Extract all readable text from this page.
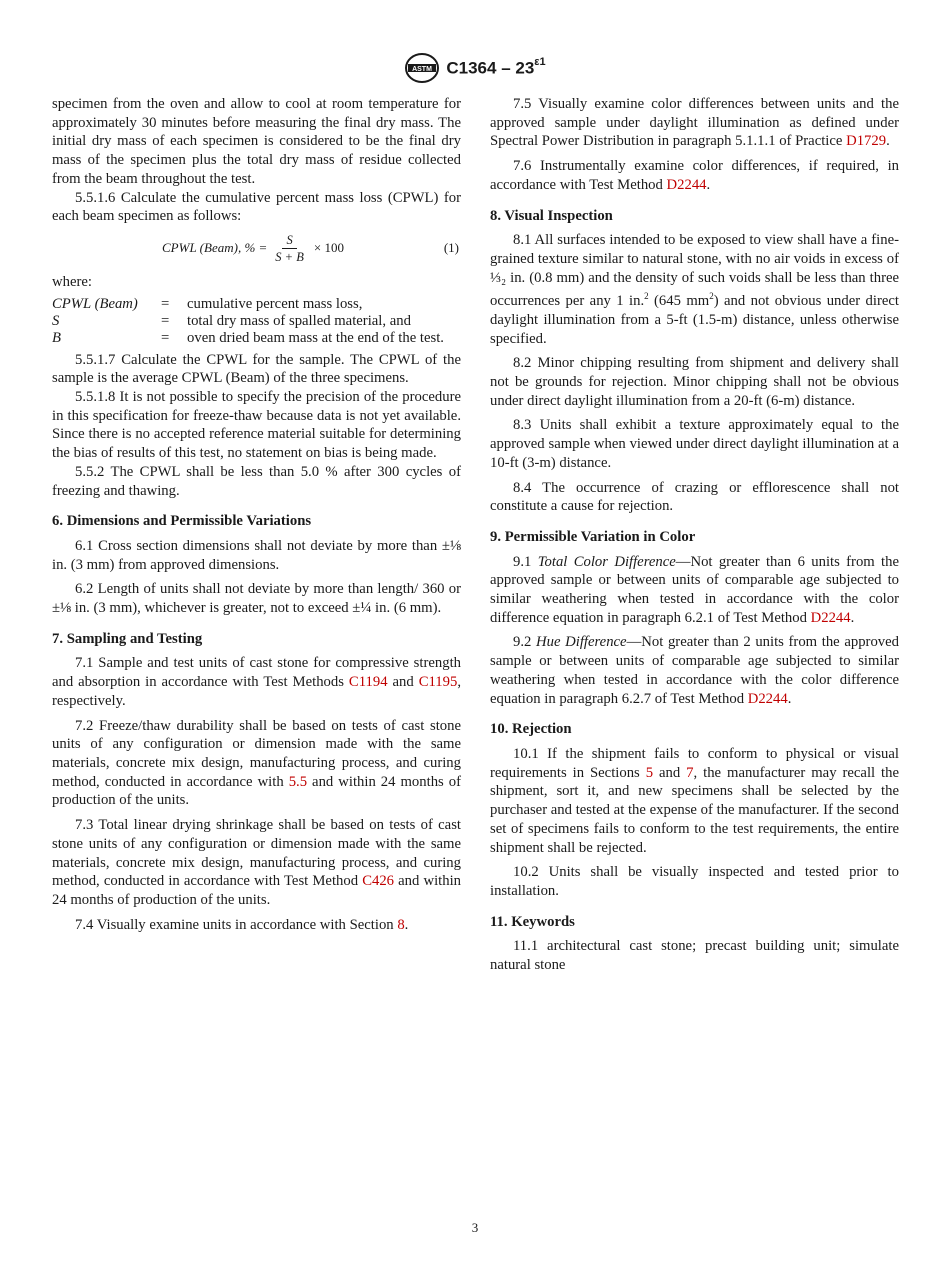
ASTM $C1364 - 23^{\varepsilon 1}$

specimen from the oven and allow to cool at room temperature for approximately 30 minutes before measuring the final dry mass. The initial dry mass of each specimen is considered to be the final dry mass of the specimen plus the total dry mass of residue collected from the beam throughout the test.

5.5.1.6 Calculate the cumulative percent mass loss (CPWL) for each beam specimen as follows:

CPWL (Beam), % = $\frac{S}{S + B} \times 100$	(1)
where:
CPWL (Beam)	=	cumulative percent mass loss,
S	=	total dry mass of spalled material, and
B	=	oven dried beam mass at the end of the test.

5.5.1.7 Calculate the CPWL for the sample. The CPWL of the sample is the average CPWL (Beam) of the three specimens.

5.5.1.8 It is not possible to specify the precision of the procedure in this specification for freeze-thaw because data is not yet available. Since there is no accepted reference material suitable for determining the bias of results of this test, no statement on bias is being made.

5.5.2 The CPWL shall be less than 5.0 % after 300 cycles of freezing and thawing.

6. Dimensions and Permissible Variations

6.1 Cross section dimensions shall not deviate by more than ±⅛ in. (3 mm) from approved dimensions.

6.2 Length of units shall not deviate by more than length/ 360 or ±⅛ in. (3 mm), whichever is greater, not to exceed ±¼ in. (6 mm).

7. Sampling and Testing

7.1 Sample and test units of cast stone for compressive strength and absorption in accordance with Test Methods C1194 and C1195, respectively.

7.2 Freeze/thaw durability shall be based on tests of cast stone units of any configuration or dimension made with the same materials, concrete mix design, manufacturing process, and curing method, conducted in accordance with 5.5 and within 24 months of production of the units.

7.3 Total linear drying shrinkage shall be based on tests of cast stone units of any configuration or dimension made with the same materials, concrete mix design, manufacturing process, and curing method, conducted in accordance with Test Method C426 and within 24 months of production of the units.

7.4 Visually examine units in accordance with Section 8.

7.5 Visually examine color differences between units and the approved sample under daylight illumination as defined under Spectral Power Distribution in paragraph 5.1.1.1 of Practice D1729.

7.6 Instrumentally examine color differences, if required, in accordance with Test Method D2244.

8. Visual Inspection

8.1 All surfaces intended to be exposed to view shall have a fine-grained texture similar to natural stone, with no air voids in excess of ⅓₂ in. (0.8 mm) and the density of such voids shall be less than three occurrences per any 1 in.$^2$ (645 $mm^2$) and not obvious under direct daylight illumination from a 5-ft (1.5-m) distance, unless otherwise specified.

8.2 Minor chipping resulting from shipment and delivery shall not be grounds for rejection. Minor chipping shall not be obvious under direct daylight illumination from a 20-ft (6-m) distance.

8.3 Units shall exhibit a texture approximately equal to the approved sample when viewed under direct daylight illumination at a 10-ft (3-m) distance.

8.4 The occurrence of crazing or efflorescence shall not constitute a cause for rejection.

9. Permissible Variation in Color

9.1 Total Color Difference—Not greater than 6 units from the approved sample or between units of comparable age subjected to similar weathering when tested in accordance with the color difference equation in paragraph 6.2.1 of Test Method D2244.

9.2 Hue Difference—Not greater than 2 units from the approved sample or between units of comparable age subjected to similar weathering when tested in accordance with the color difference equation in paragraph 6.2.7 of Test Method D2244.

10. Rejection

10.1 If the shipment fails to conform to physical or visual requirements in Sections 5 and 7, the manufacturer may recall the shipment, sort it, and new specimens shall be selected by the purchaser and tested at the expense of the manufacturer. If the second set of specimens fails to conform to the test requirements, the entire shipment shall be rejected.

10.2 Units shall be visually inspected and tested prior to installation.

11. Keywords

11.1 architectural cast stone; precast building unit; simulate natural stone

3
